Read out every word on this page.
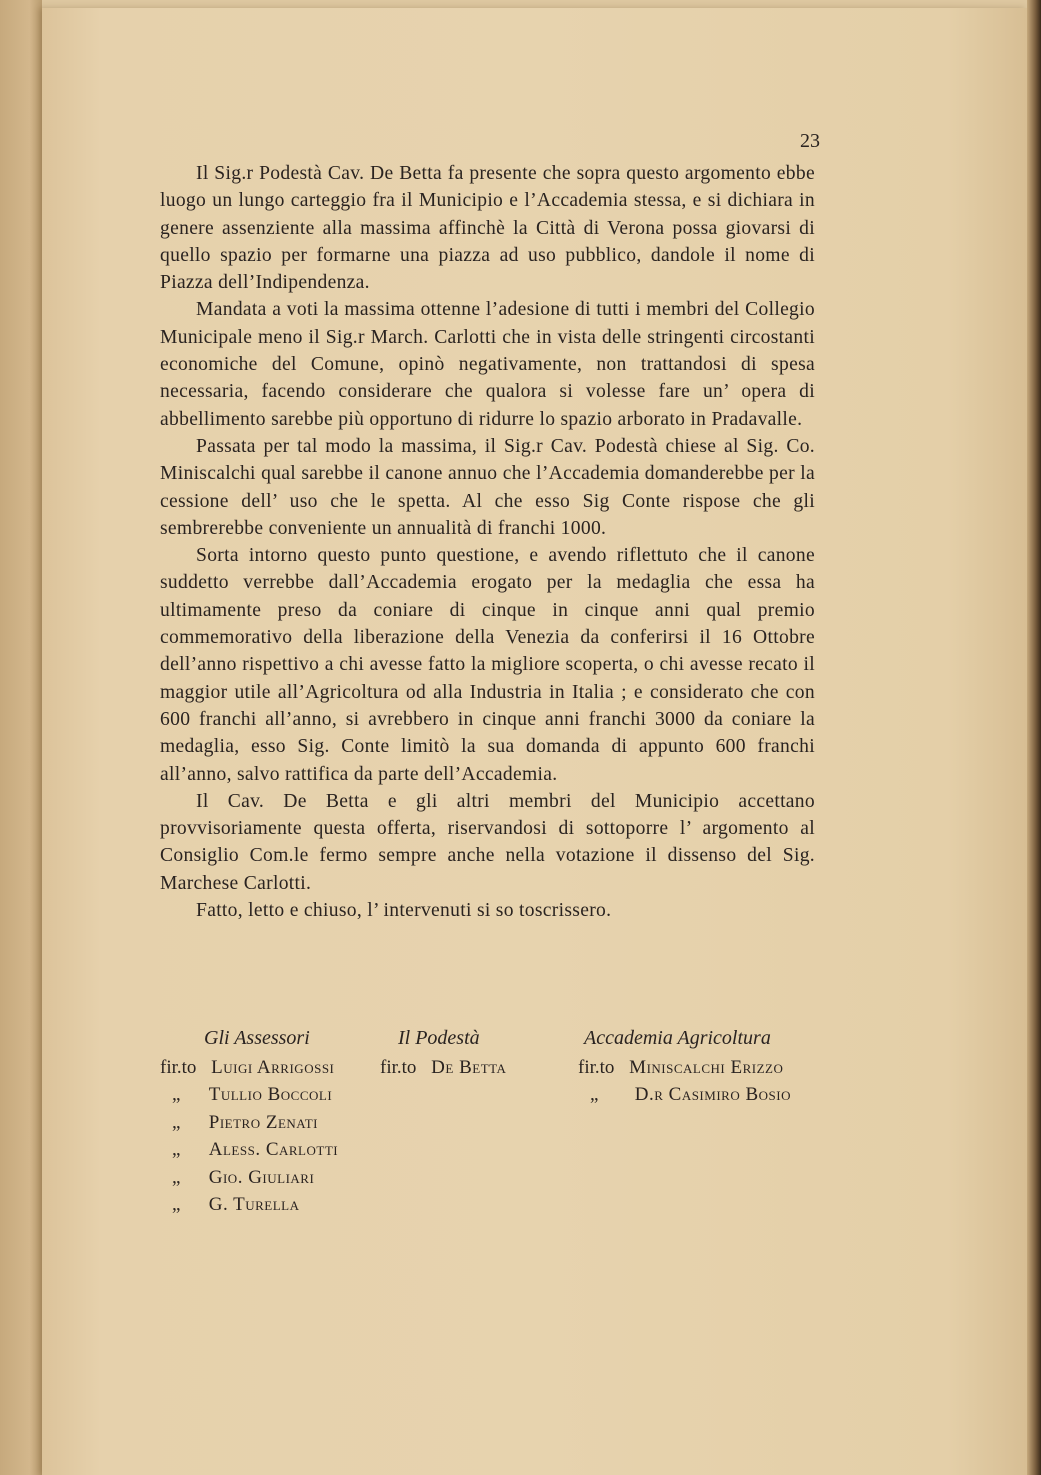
23

Il Sig.r Podestà Cav. De Betta fa presente che sopra questo argomento ebbe luogo un lungo carteggio fra il Municipio e l’Accademia stessa, e si dichiara in genere assenziente alla massima affinchè la Città di Verona possa giovarsi di quello spazio per formarne una piazza ad uso pubblico, dandole il nome di Piazza dell’Indipendenza.

Mandata a voti la massima ottenne l’adesione di tutti i membri del Collegio Municipale meno il Sig.r March. Carlotti che in vista delle stringenti circostanti economiche del Comune, opinò negativamente, non trattandosi di spesa necessaria, facendo considerare che qualora si volesse fare un’ opera di abbellimento sarebbe più opportuno di ridurre lo spazio arborato in Pradavalle.

Passata per tal modo la massima, il Sig.r Cav. Podestà chiese al Sig. Co. Miniscalchi qual sarebbe il canone annuo che l’Accademia domanderebbe per la cessione dell’ uso che le spetta. Al che esso Sig Conte rispose che gli sembrerebbe conveniente un annualità di franchi 1000.

Sorta intorno questo punto questione, e avendo riflettuto che il canone suddetto verrebbe dall’Accademia erogato per la medaglia che essa ha ultimamente preso da coniare di cinque in cinque anni qual premio commemorativo della liberazione della Venezia da conferirsi il 16 Ottobre dell’anno rispettivo a chi avesse fatto la migliore scoperta, o chi avesse recato il maggior utile all’Agricoltura od alla Industria in Italia ; e considerato che con 600 franchi all’anno, si avrebbero in cinque anni franchi 3000 da coniare la medaglia, esso Sig. Conte limitò la sua domanda di appunto 600 franchi all’anno, salvo rattifica da parte dell’Accademia.

Il Cav. De Betta e gli altri membri del Municipio accettano provvisoriamente questa offerta, riservandosi di sottoporre l’ argomento al Consiglio Com.le fermo sempre anche nella votazione il dissenso del Sig. Marchese Carlotti.

Fatto, letto e chiuso, l’ intervenuti si so toscrissero.

Gli Assessori
fir.to Luigi Arrigossi
„ Tullio Boccoli
„ Pietro Zenati
„ Aless. Carlotti
„ Gio. Giuliari
„ G. Turella
Il Podestà
fir.to De Betta
Accademia Agricoltura
fir.to Miniscalchi Erizzo
„ D.r Casimiro Bosio
